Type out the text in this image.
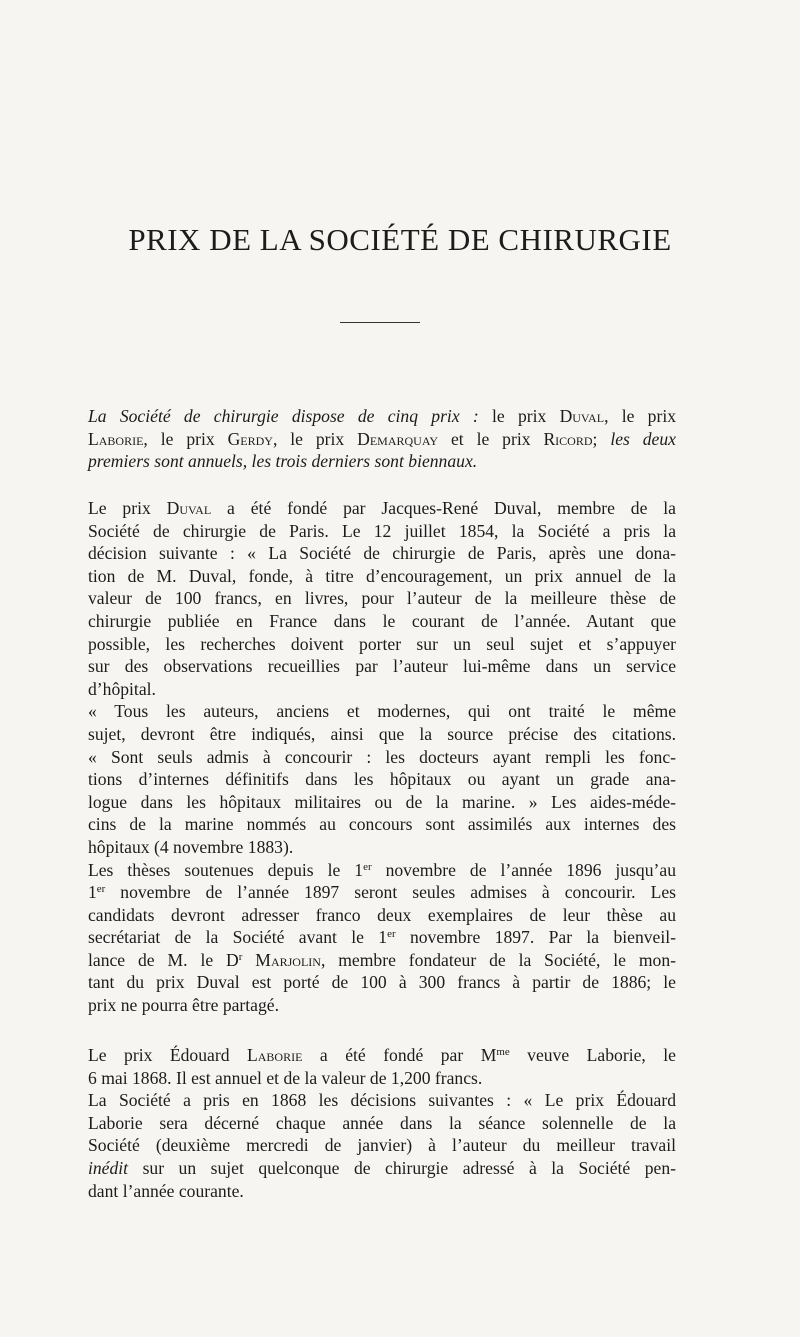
PRIX DE LA SOCIÉTÉ DE CHIRURGIE
La Société de chirurgie dispose de cinq prix : le prix Duval, le prix
Laborie, le prix Gerdy, le prix Demarquay et le prix Ricord; les deux
premiers sont annuels, les trois derniers sont biennaux.
Le prix Duval a été fondé par Jacques-René Duval, membre de la
Société de chirurgie de Paris. Le 12 juillet 1854, la Société a pris la
décision suivante : « La Société de chirurgie de Paris, après une dona-
tion de M. Duval, fonde, à titre d’encouragement, un prix annuel de la
valeur de 100 francs, en livres, pour l’auteur de la meilleure thèse de
chirurgie publiée en France dans le courant de l’année. Autant que
possible, les recherches doivent porter sur un seul sujet et s’appuyer
sur des observations recueillies par l’auteur lui-même dans un service
d’hôpital.
« Tous les auteurs, anciens et modernes, qui ont traité le même
sujet, devront être indiqués, ainsi que la source précise des citations.
« Sont seuls admis à concourir : les docteurs ayant rempli les fonc-
tions d’internes définitifs dans les hôpitaux ou ayant un grade ana-
logue dans les hôpitaux militaires ou de la marine. » Les aides-méde-
cins de la marine nommés au concours sont assimilés aux internes des
hôpitaux (4 novembre 1883).
Les thèses soutenues depuis le 1er novembre de l’année 1896 jusqu’au
1er novembre de l’année 1897 seront seules admises à concourir. Les
candidats devront adresser franco deux exemplaires de leur thèse au
secrétariat de la Société avant le 1er novembre 1897. Par la bienveil-
lance de M. le $D^r$ Marjolin, membre fondateur de la Société, le mon-
tant du prix Duval est porté de 100 à 300 francs à partir de 1886; le
prix ne pourra être partagé.
Le prix Édouard Laborie a été fondé par $M^{me}$ veuve Laborie, le
6 mai 1868. Il est annuel et de la valeur de 1,200 francs.
La Société a pris en 1868 les décisions suivantes : « Le prix Édouard
Laborie sera décerné chaque année dans la séance solennelle de la
Société (deuxième mercredi de janvier) à l’auteur du meilleur travail
inédit sur un sujet quelconque de chirurgie adressé à la Société pen-
dant l’année courante.
